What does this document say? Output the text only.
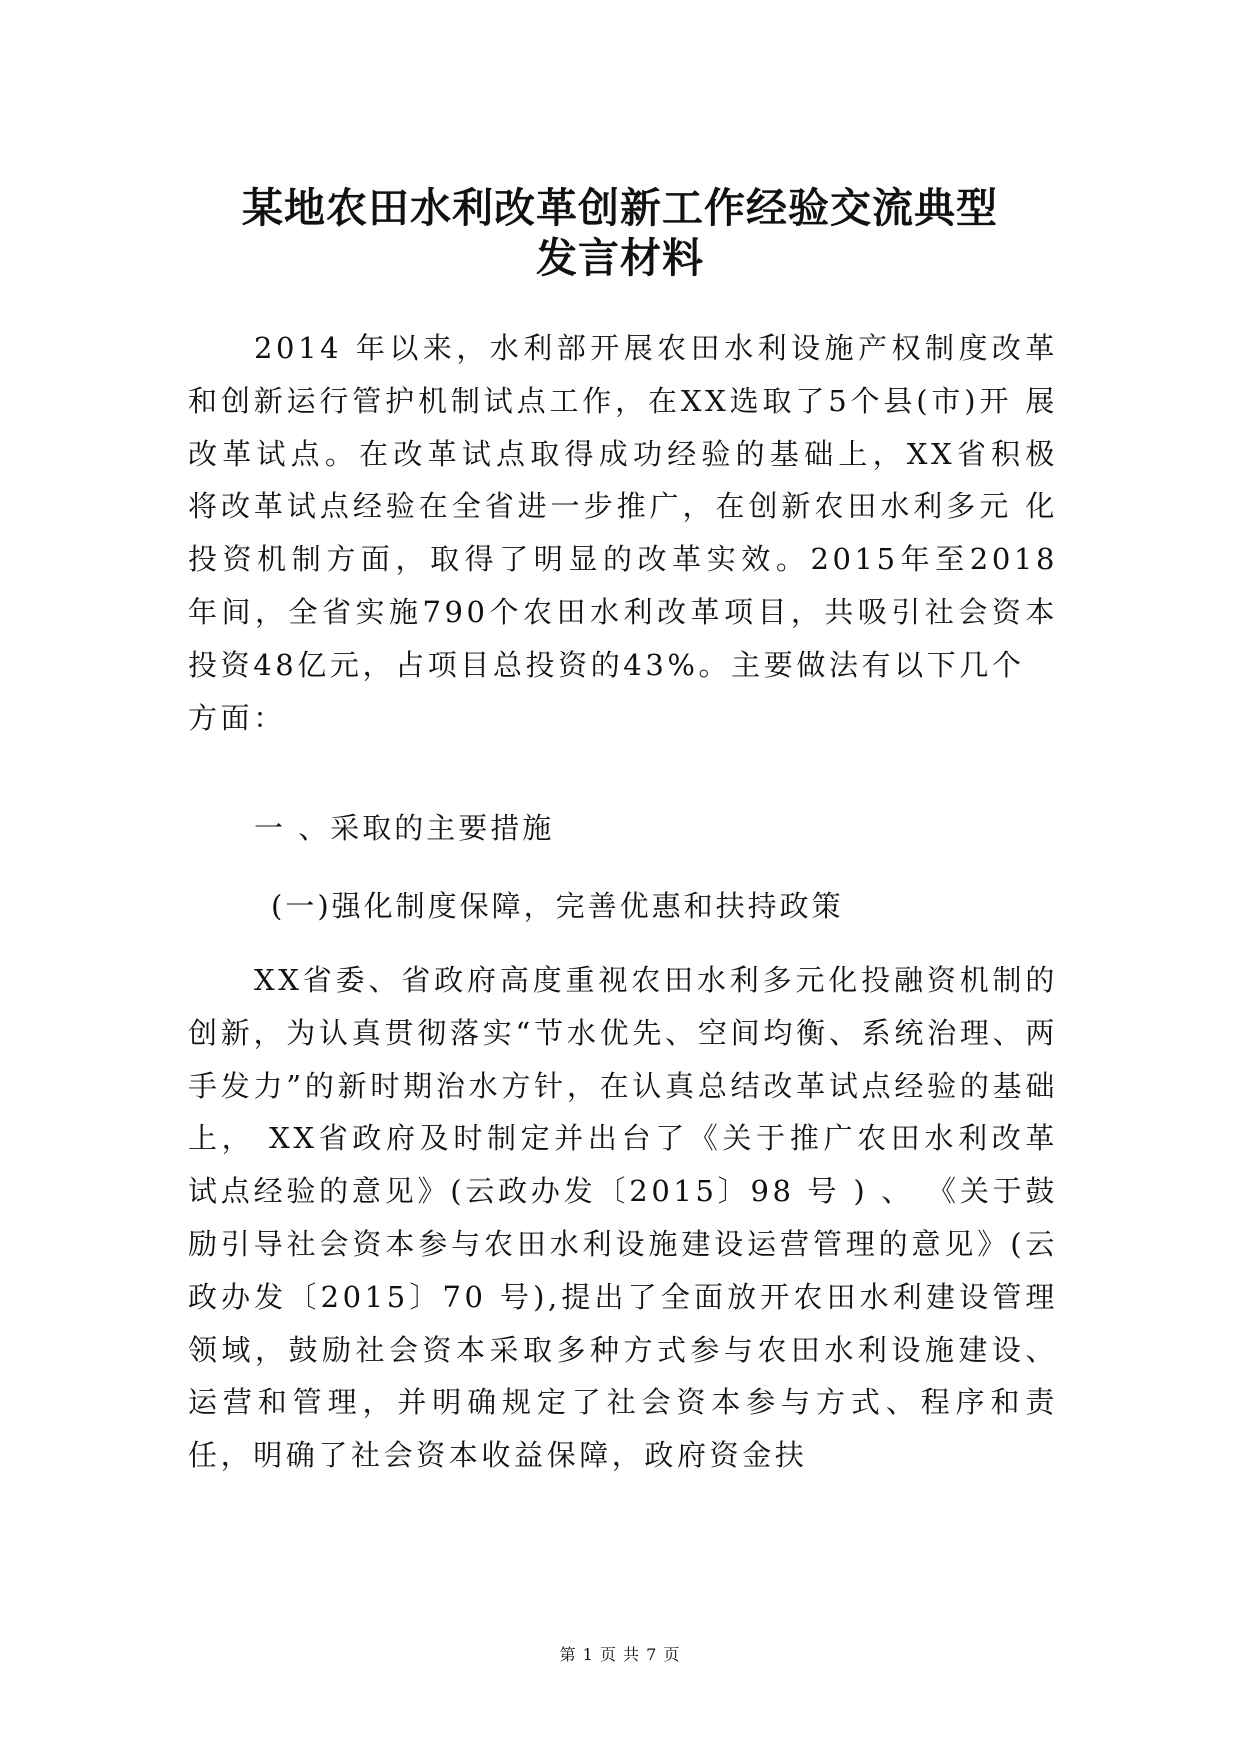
某地农田水利改革创新工作经验交流典型
发言材料

2014 年以来，水利部开展农田水利设施产权制度改革和创新运行管护机制试点工作，在XX选取了5个县(市)开 展改革试点。在改革试点取得成功经验的基础上，XX省积极 将改革试点经验在全省进一步推广，在创新农田水利多元 化投资机制方面，取得了明显的改革实效。2015年至2018 年间，全省实施790个农田水利改革项目，共吸引社会资本 投资48亿元，占项目总投资的43%。主要做法有以下几个

方面：

一 、采取的主要措施

(一)强化制度保障，完善优惠和扶持政策

XX省委、省政府高度重视农田水利多元化投融资机制的创新，为认真贯彻落实“节水优先、空间均衡、系统治理、两手发力”的新时期治水方针，在认真总结改革试点经验的基础上， XX省政府及时制定并出台了《关于推广农田水利改革试点经验的意见》(云政办发〔2015〕98 号 ) 、 《关于鼓励引导社会资本参与农田水利设施建设运营管理的意见》(云政办发〔2015〕70 号),提出了全面放开农田水利建设管理领域，鼓励社会资本采取多种方式参与农田水利设施建设、运营和管理，并明确规定了社会资本参与方式、程序和责任，明确了社会资本收益保障，政府资金扶

第 1 页 共 7 页
